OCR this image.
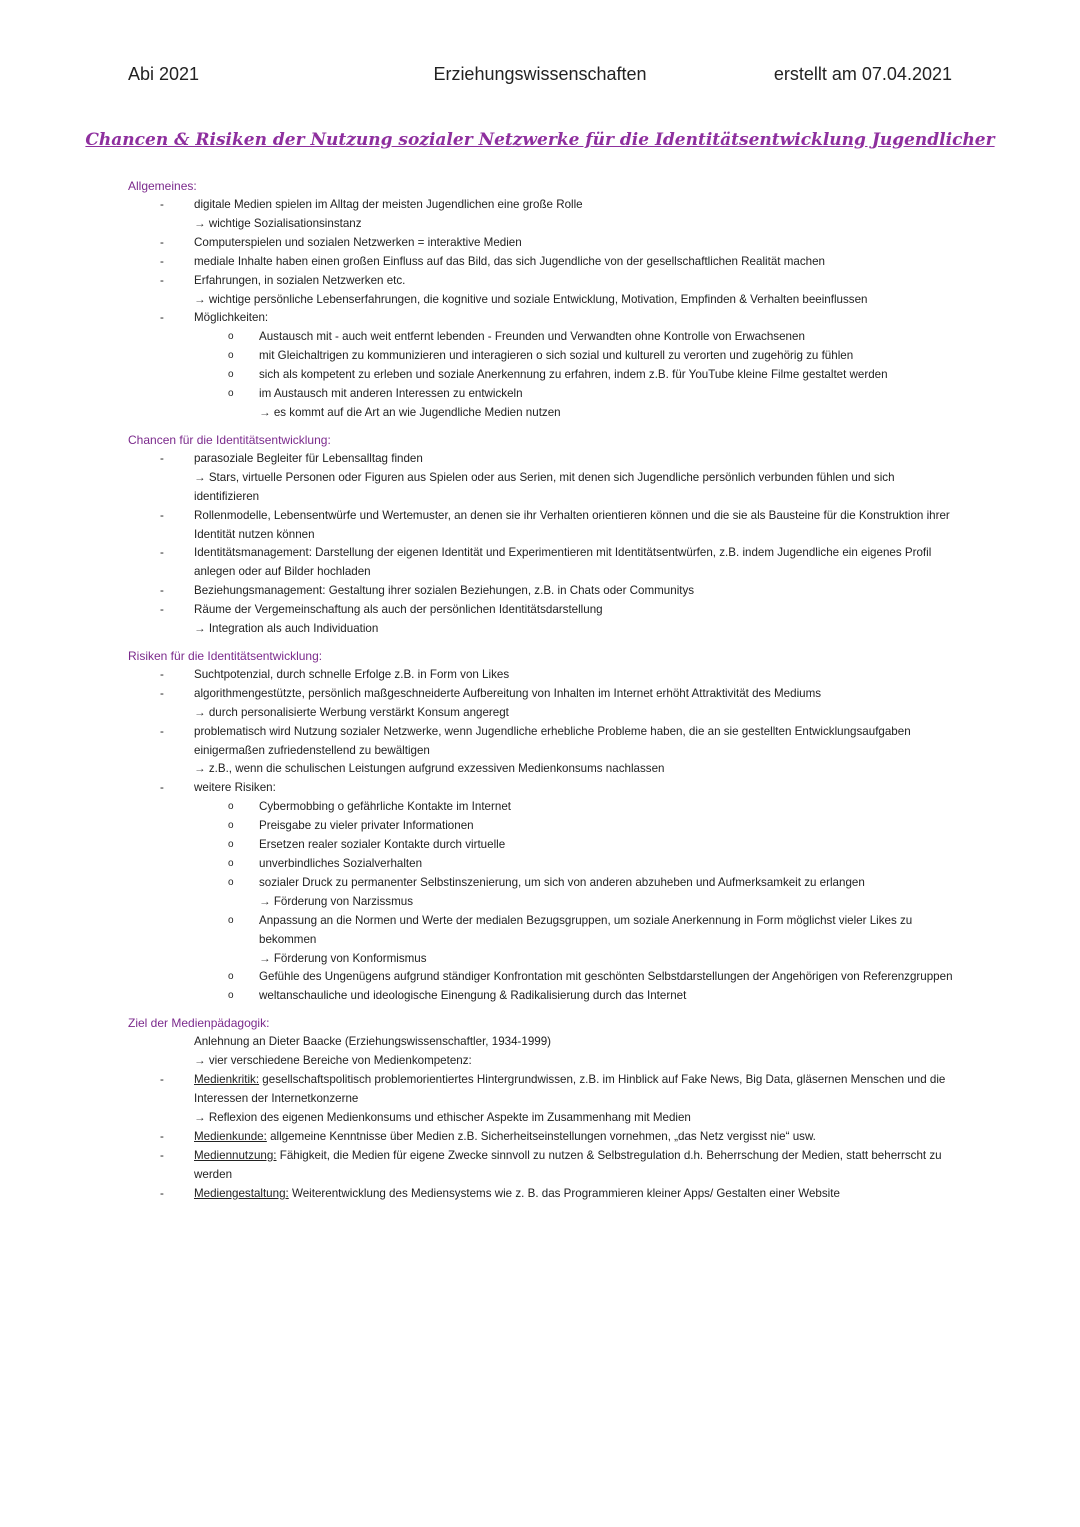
Abi 2021	Erziehungswissenschaften	erstellt am 07.04.2021
Chancen & Risiken der Nutzung sozialer Netzwerke für die Identitätsentwicklung Jugendlicher
Allgemeines:
-	digitale Medien spielen im Alltag der meisten Jugendlichen eine große Rolle
→ wichtige Sozialisationsinstanz
-	Computerspielen und sozialen Netzwerken = interaktive Medien
-	mediale Inhalte haben einen großen Einfluss auf das Bild, das sich Jugendliche von der gesellschaftlichen Realität machen
-	Erfahrungen, in sozialen Netzwerken etc.
→ wichtige persönliche Lebenserfahrungen, die kognitive und soziale Entwicklung, Motivation, Empfinden & Verhalten beeinflussen
-	Möglichkeiten:
o Austausch mit - auch weit entfernt lebenden - Freunden und Verwandten ohne Kontrolle von Erwachsenen
o mit Gleichaltrigen zu kommunizieren und interagieren o sich sozial und kulturell zu verorten und zugehörig zu fühlen
o sich als kompetent zu erleben und soziale Anerkennung zu erfahren, indem z.B. für YouTube kleine Filme gestaltet werden
o im Austausch mit anderen Interessen zu entwickeln
→ es kommt auf die Art an wie Jugendliche Medien nutzen
Chancen für die Identitätsentwicklung:
-	parasoziale Begleiter für Lebensalltag finden
→ Stars, virtuelle Personen oder Figuren aus Spielen oder aus Serien, mit denen sich Jugendliche persönlich verbunden fühlen und sich
identifizieren
-	Rollenmodelle, Lebensentwürfe und Wertemuster, an denen sie ihr Verhalten orientieren können und die sie als Bausteine für die Konstruktion ihrer
Identität nutzen können
-	Identitätsmanagement: Darstellung der eigenen Identität und Experimentieren mit Identitätsentwürfen, z.B. indem Jugendliche ein eigenes Profil
anlegen oder auf Bilder hochladen
-	Beziehungsmanagement: Gestaltung ihrer sozialen Beziehungen, z.B. in Chats oder Communitys
-	Räume der Vergemeinschaftung als auch der persönlichen Identitätsdarstellung
→ Integration als auch Individuation
Risiken für die Identitätsentwicklung:
-	Suchtpotenzial, durch schnelle Erfolge z.B. in Form von Likes
-	algorithmengestützte, persönlich maßgeschneiderte Aufbereitung von Inhalten im Internet erhöht Attraktivität des Mediums
→ durch personalisierte Werbung verstärkt Konsum angeregt
-	problematisch wird Nutzung sozialer Netzwerke, wenn Jugendliche erhebliche Probleme haben, die an sie gestellten Entwicklungsaufgaben
einigermaßen zufriedenstellend zu bewältigen
→ z.B., wenn die schulischen Leistungen aufgrund exzessiven Medienkonsums nachlassen
-	weitere Risiken:
o Cybermobbing o gefährliche Kontakte im Internet
o Preisgabe zu vieler privater Informationen
o Ersetzen realer sozialer Kontakte durch virtuelle
o unverbindliches Sozialverhalten
o sozialer Druck zu permanenter Selbstinszenierung, um sich von anderen abzuheben und Aufmerksamkeit zu erlangen
→ Förderung von Narzissmus
o Anpassung an die Normen und Werte der medialen Bezugsgruppen, um soziale Anerkennung in Form möglichst vieler Likes zu
bekommen
→ Förderung von Konformismus
o Gefühle des Ungenügens aufgrund ständiger Konfrontation mit geschönten Selbstdarstellungen der Angehörigen von Referenzgruppen
o weltanschauliche und ideologische Einengung & Radikalisierung durch das Internet
Ziel der Medienpädagogik:
Anlehnung an Dieter Baacke (Erziehungswissenschaftler, 1934-1999)
→ vier verschiedene Bereiche von Medienkompetenz:
-	Medienkritik: gesellschaftspolitisch problemorientiertes Hintergrundwissen, z.B. im Hinblick auf Fake News, Big Data, gläsernen Menschen und die
Interessen der Internetkonzerne
→ Reflexion des eigenen Medienkonsums und ethischer Aspekte im Zusammenhang mit Medien
-	Medienkunde: allgemeine Kenntnisse über Medien z.B. Sicherheitseinstellungen vornehmen, „das Netz vergisst nie“ usw.
-	Mediennutzung: Fähigkeit, die Medien für eigene Zwecke sinnvoll zu nutzen & Selbstregulation d.h. Beherrschung der Medien, statt beherrscht zu
werden
-	Mediengestaltung: Weiterentwicklung des Mediensystems wie z. B. das Programmieren kleiner Apps/ Gestalten einer Website
